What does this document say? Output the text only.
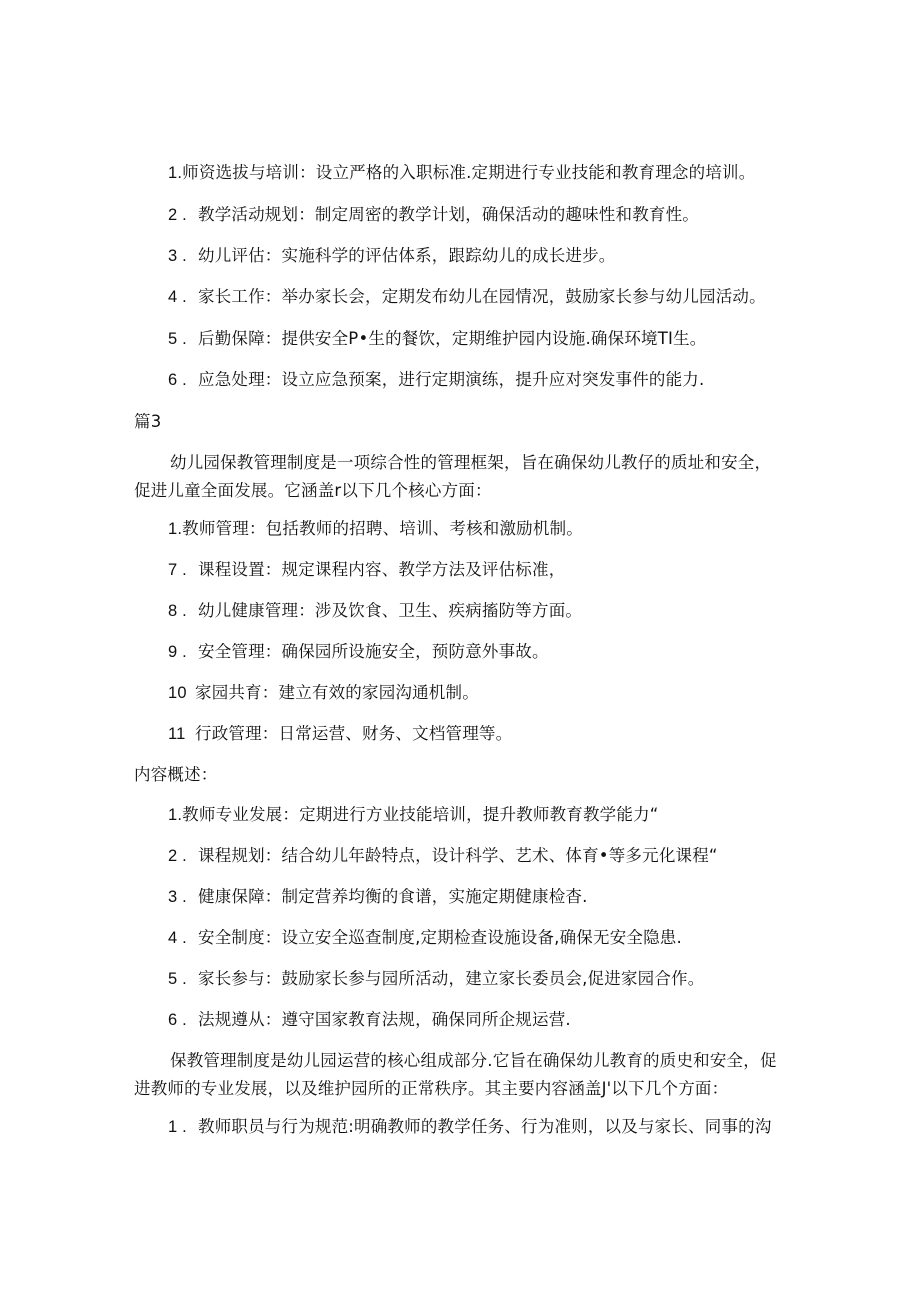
1.师资选拔与培训：设立严格的入职标准.定期进行专业技能和教育理念的培训。
2 . 教学活动规划：制定周密的教学计划，确保活动的趣味性和教育性。
3 . 幼儿评估：实施科学的评估体系，跟踪幼儿的成长进步。
4 . 家长工作：举办家长会，定期发布幼儿在园情况，鼓励家长参与幼儿园活动。
5 . 后勤保障：提供安全P•生的餐饮，定期维护园内设施.确保环境TI生。
6 . 应急处理：设立应急预案，进行定期演练，提升应对突发事件的能力.
篇3
幼儿园保教管理制度是一项综合性的管理框架，旨在确保幼儿教仔的质址和安全，
促进儿童全面发展。它涵盖r以下几个核心方面：
1.教师管理：包括教师的招聘、培训、考核和激励机制。
7 . 课程设置：规定课程内容、教学方法及评估标准，
8 . 幼儿健康管理：涉及饮食、卫生、疾病搐防等方面。
9 . 安全管理：确保园所设施安全，预防意外事故。
10 家园共育：建立有效的家园沟通机制。
11 行政管理：日常运营、财务、文档管理等。
内容概述：
1.教师专业发展：定期进行方业技能培训，提升教师教育教学能力“
2 . 课程规划：结合幼儿年龄特点，设计科学、艺术、体育•等多元化课程“
3 . 健康保障：制定营养均衡的食谱，实施定期健康检杳.
4 . 安全制度：设立安全巡查制度,定期检查设施设备,确保无安全隐患.
5 . 家长参与：鼓励家长参与园所活动，建立家长委员会,促进家园合作。
6 . 法规遵从：遵守国家教育法规，确保同所企规运营.
保教管理制度是幼儿园运营的核心组成部分.它旨在确保幼儿教育的质史和安全，促
进教师的专业发展，以及维护园所的正常秩序。其主要内容涵盖J'以下几个方面：
1 . 教师职员与行为规范:明确教师的教学任务、行为准则，以及与家长、同事的沟
